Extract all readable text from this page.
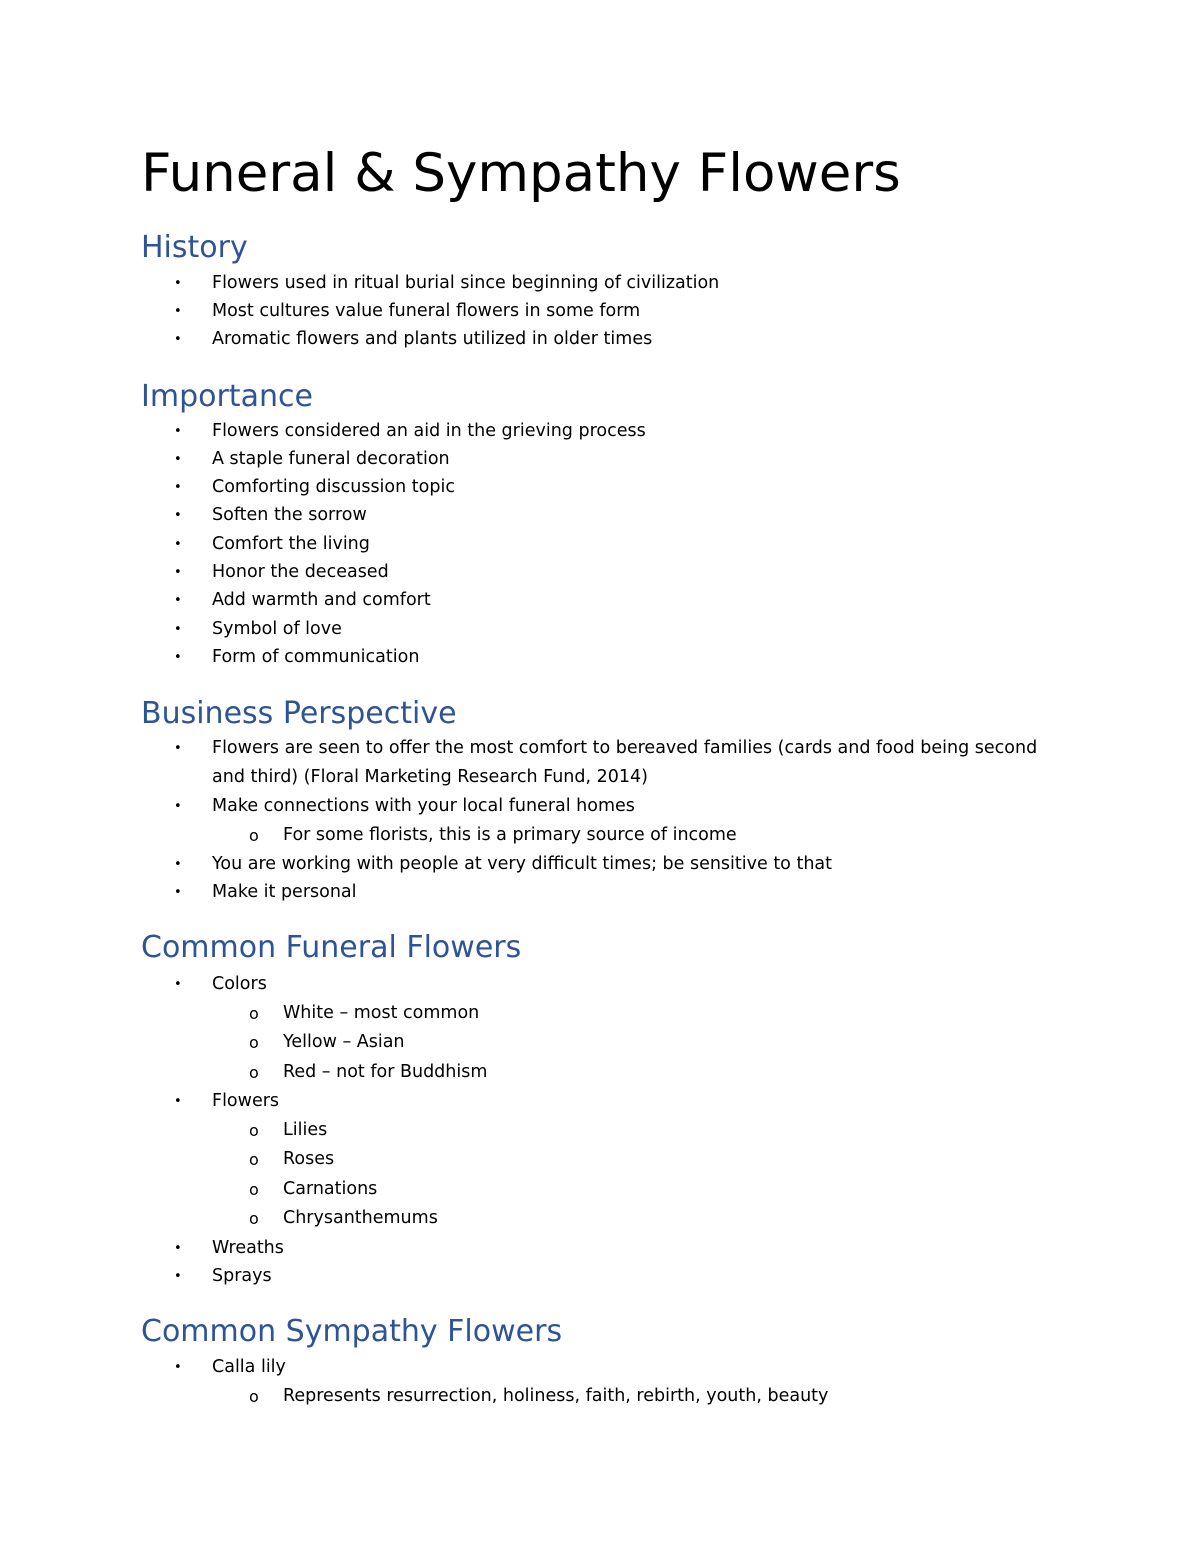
Funeral & Sympathy Flowers
History
• Flowers used in ritual burial since beginning of civilization
• Most cultures value funeral flowers in some form
• Aromatic flowers and plants utilized in older times
Importance
• Flowers considered an aid in the grieving process
• A staple funeral decoration
• Comforting discussion topic
• Soften the sorrow
• Comfort the living
• Honor the deceased
• Add warmth and comfort
• Symbol of love
• Form of communication
Business Perspective
• Flowers are seen to offer the most comfort to bereaved families (cards and food being second
and third) (Floral Marketing Research Fund, 2014)
• Make connections with your local funeral homes
o For some florists, this is a primary source of income
• You are working with people at very difficult times; be sensitive to that
• Make it personal
Common Funeral Flowers
• Colors
o White – most common
o Yellow – Asian
o Red – not for Buddhism
• Flowers
o Lilies
o Roses
o Carnations
o Chrysanthemums
• Wreaths
• Sprays
Common Sympathy Flowers
• Calla lily
o Represents resurrection, holiness, faith, rebirth, youth, beauty
